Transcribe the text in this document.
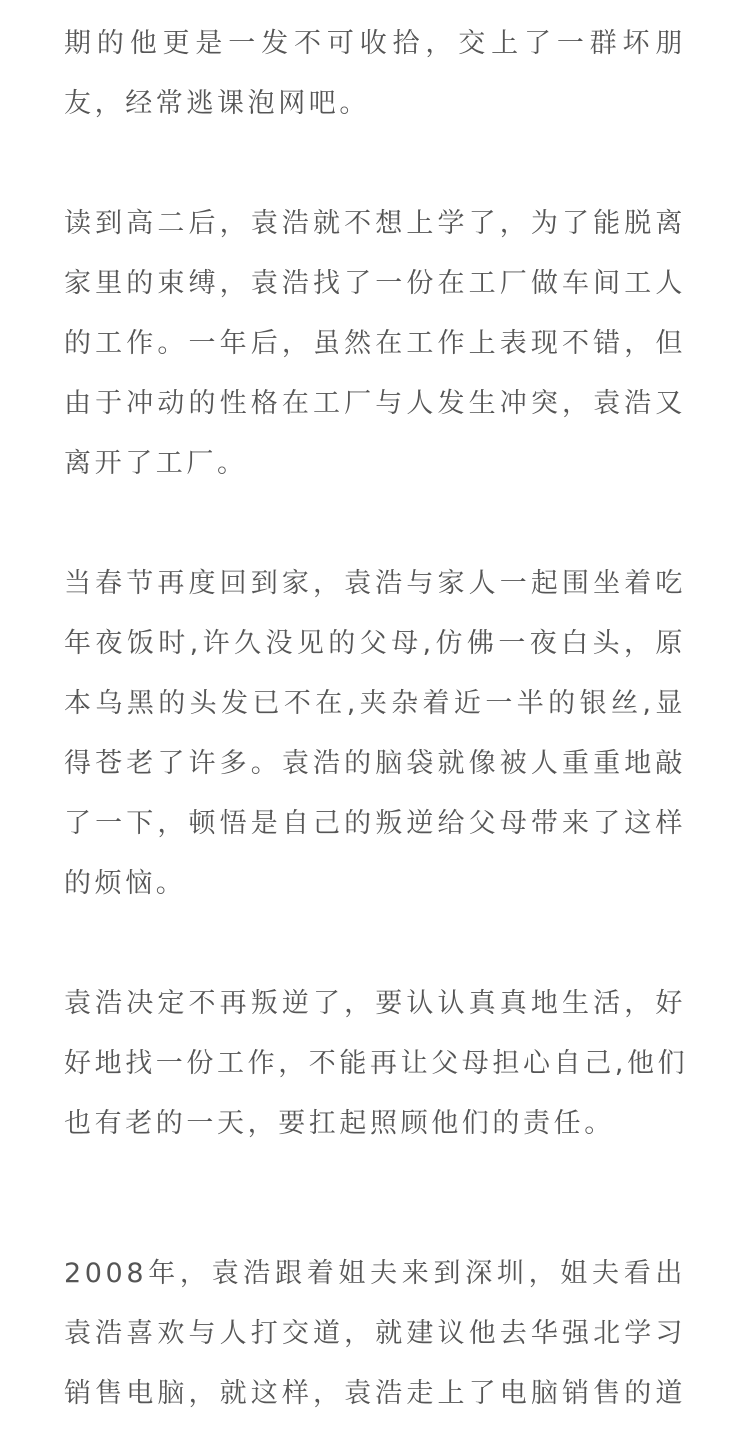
期的他更是一发不可收拾，交上了一群坏朋
友，经常逃课泡网吧。
读到高二后，袁浩就不想上学了，为了能脱离
家里的束缚，袁浩找了一份在工厂做车间工人
的工作。一年后，虽然在工作上表现不错，但
由于冲动的性格在工厂与人发生冲突，袁浩又
离开了工厂。
当春节再度回到家，袁浩与家人一起围坐着吃
年夜饭时,许久没见的父母,仿佛一夜白头，原
本乌黑的头发已不在,夹杂着近一半的银丝,显
得苍老了许多。袁浩的脑袋就像被人重重地敲
了一下，顿悟是自己的叛逆给父母带来了这样
的烦恼。
袁浩决定不再叛逆了，要认认真真地生活，好
好地找一份工作，不能再让父母担心自己,他们
也有老的一天，要扛起照顾他们的责任。
2008年，袁浩跟着姐夫来到深圳，姐夫看出
袁浩喜欢与人打交道，就建议他去华强北学习
销售电脑，就这样，袁浩走上了电脑销售的道
